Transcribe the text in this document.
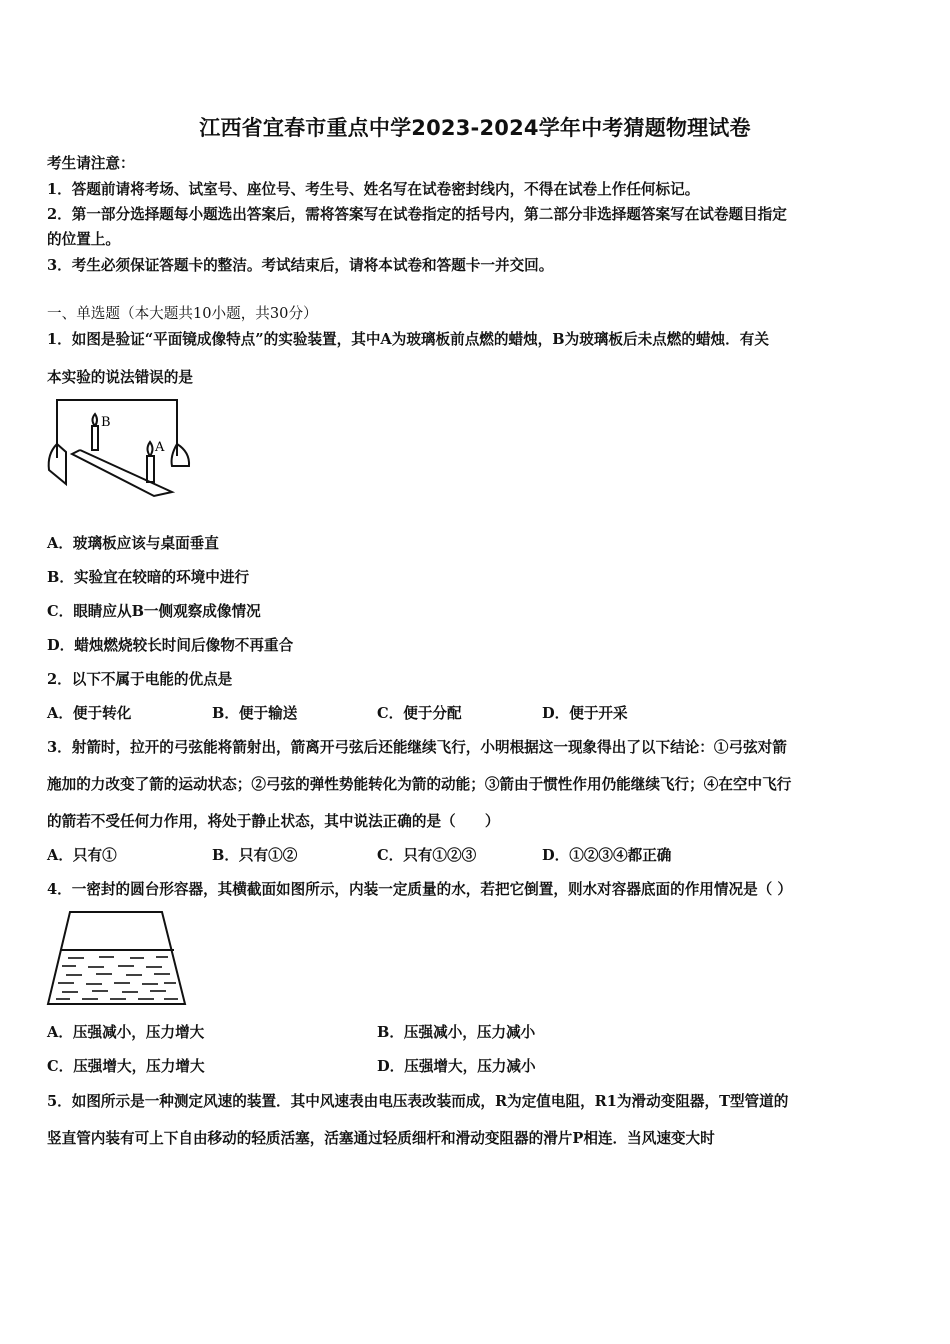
江西省宜春市重点中学2023-2024学年中考猜题物理试卷
考生请注意：
1．答题前请将考场、试室号、座位号、考生号、姓名写在试卷密封线内，不得在试卷上作任何标记。
2．第一部分选择题每小题选出答案后，需将答案写在试卷指定的括号内，第二部分非选择题答案写在试卷题目指定
的位置上。
3．考生必须保证答题卡的整洁。考试结束后，请将本试卷和答题卡一并交回。
一、单选题（本大题共10小题，共30分）
1．如图是验证“平面镜成像特点”的实验装置，其中A为玻璃板前点燃的蜡烛，B为玻璃板后未点燃的蜡烛．有关
本实验的说法错误的是
B
A
A．玻璃板应该与桌面垂直
B．实验宜在较暗的环境中进行
C．眼睛应从B一侧观察成像情况
D．蜡烛燃烧较长时间后像物不再重合
2．以下不属于电能的优点是
A．便于转化	B．便于输送	C．便于分配	D．便于开采
3．射箭时，拉开的弓弦能将箭射出，箭离开弓弦后还能继续飞行，小明根据这一现象得出了以下结论：①弓弦对箭
施加的力改变了箭的运动状态；②弓弦的弹性势能转化为箭的动能；③箭由于惯性作用仍能继续飞行；④在空中飞行
的箭若不受任何力作用，将处于静止状态，其中说法正确的是（　　）
A．只有①	B．只有①②	C．只有①②③	D．①②③④都正确
4．一密封的圆台形容器，其横截面如图所示，内装一定质量的水，若把它倒置，则水对容器底面的作用情况是（ ）
A．压强减小，压力增大	B．压强减小，压力减小
C．压强增大，压力增大	D．压强增大，压力减小
5．如图所示是一种测定风速的装置．其中风速表由电压表改装而成，R为定值电阻，R1为滑动变阻器，T型管道的
竖直管内装有可上下自由移动的轻质活塞，活塞通过轻质细杆和滑动变阻器的滑片P相连．当风速变大时
